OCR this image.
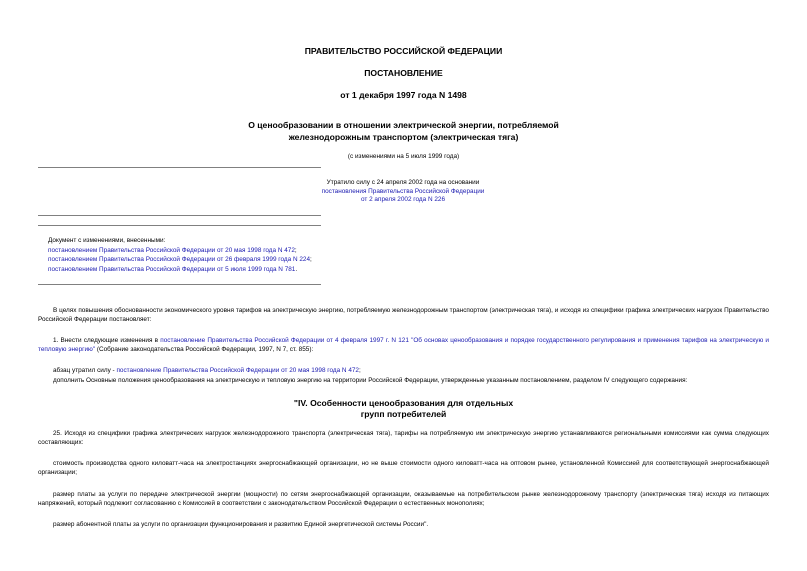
ПРАВИТЕЛЬСТВО РОССИЙСКОЙ ФЕДЕРАЦИИ
ПОСТАНОВЛЕНИЕ
от 1 декабря 1997 года N 1498
О ценообразовании в отношении электрической энергии, потребляемой
железнодорожным транспортом (электрическая тяга)
(с изменениями на 5 июля 1999 года)
Утратило силу с 24 апреля 2002 года на основании
постановления Правительства Российской Федерации
от 2 апреля 2002 года N 226
Документ с изменениями, внесенными:
постановлением Правительства Российской Федерации от 20 мая 1998 года N 472;
постановлением Правительства Российской Федерации от 26 февраля 1999 года N 224;
постановлением Правительства Российской Федерации от 5 июля 1999 года N 781.
В целях повышения обоснованности экономического уровня тарифов на электрическую энергию, потребляемую железнодорожным транспортом (электрическая тяга), и исходя из специфики графика электрических нагрузок Правительство Российской Федерации постановляет:
1. Внести следующие изменения в постановление Правительства Российской Федерации от 4 февраля 1997 г. N 121 "Об основах ценообразования и порядке государственного регулирования и применения тарифов на электрическую и тепловую энергию" (Собрание законодательства Российской Федерации, 1997, N 7, ст. 855):
абзац утратил силу - постановление Правительства Российской Федерации от 20 мая 1998 года N 472;
дополнить Основные положения ценообразования на электрическую и тепловую энергию на территории Российской Федерации, утвержденные указанным постановлением, разделом IV следующего содержания:
"IV. Особенности ценообразования для отдельных
групп потребителей
25. Исходя из специфики графика электрических нагрузок железнодорожного транспорта (электрическая тяга), тарифы на потребляемую им электрическую энергию устанавливаются региональными комиссиями как сумма следующих составляющих:
стоимость производства одного киловатт-часа на электростанциях энергоснабжающей организации, но не выше стоимости одного киловатт-часа на оптовом рынке, установленной Комиссией для соответствующей энергоснабжающей организации;
размер платы за услуги по передаче электрической энергии (мощности) по сетям энергоснабжающей организации, оказываемые на потребительском рынке железнодорожному транспорту (электрическая тяга) исходя из питающих напряжений, который подлежит согласованию с Комиссией в соответствии с законодательством Российской Федерации о естественных монополиях;
размер абонентной платы за услуги по организации функционирования и развитию Единой энергетической системы России".
